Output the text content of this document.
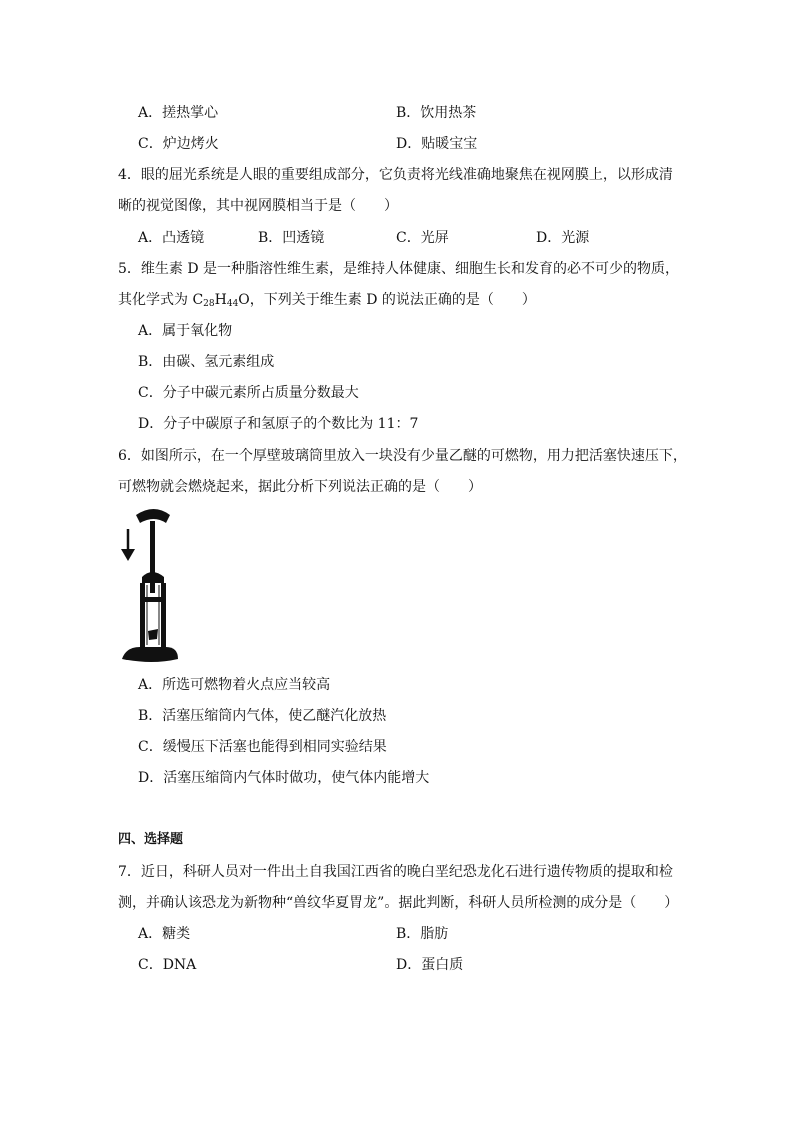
A．搓热掌心	B．饮用热茶
C．炉边烤火	D．贴暖宝宝
4．眼的屈光系统是人眼的重要组成部分，它负责将光线准确地聚焦在视网膜上，以形成清
晰的视觉图像，其中视网膜相当于是（　　）
A．凸透镜	B．凹透镜	C．光屏	D．光源
5．维生素 D 是一种脂溶性维生素，是维持人体健康、细胞生长和发育的必不可少的物质，
其化学式为 $C_{28}H_{44}O$，下列关于维生素 D 的说法正确的是（　　）
A．属于氧化物
B．由碳、氢元素组成
C．分子中碳元素所占质量分数最大
D．分子中碳原子和氢原子的个数比为 11：7
6．如图所示，在一个厚壁玻璃筒里放入一块没有少量乙醚的可燃物，用力把活塞快速压下，
可燃物就会燃烧起来，据此分析下列说法正确的是（　　）
A．所选可燃物着火点应当较高
B．活塞压缩筒内气体，使乙醚汽化放热
C．缓慢压下活塞也能得到相同实验结果
D．活塞压缩筒内气体时做功，使气体内能增大
四、选择题
7．近日，科研人员对一件出土自我国江西省的晚白垩纪恐龙化石进行遗传物质的提取和检
测，并确认该恐龙为新物种“兽纹华夏胃龙”。据此判断，科研人员所检测的成分是（　　）
A．糖类	B．脂肪
C．DNA	D．蛋白质
